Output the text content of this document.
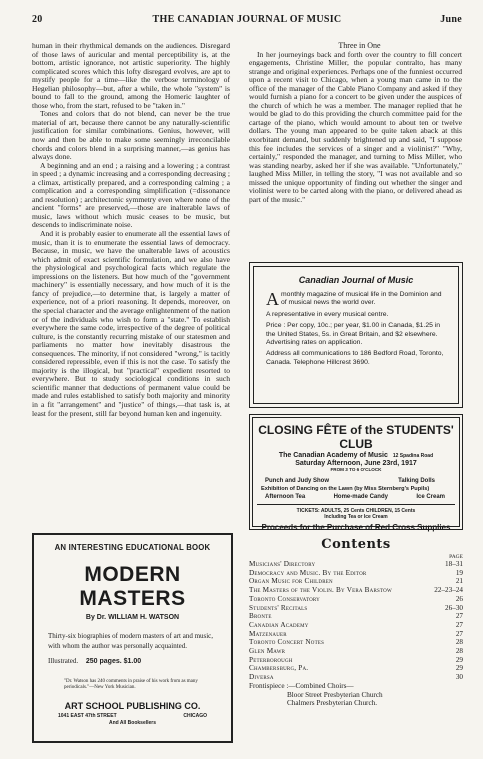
20	THE CANADIAN JOURNAL OF MUSIC	June

human in their rhythmical demands on the audiences. Disregard of those laws of auricular and mental perceptibility is, at the bottom, artistic ignorance, not artistic superiority. The highly complicated scores which this lofty disregard evolves, are apt to mystify people for a time—like the verbose terminology of Hegelian philosophy—but, after a while, the whole "system" is bound to fall to the ground, among the Homeric laughter of those who, from the start, refused to be "taken in."

Tones and colors that do not blend, can never be the true material of art, because there cannot be any naturally-scientific justification for similar combinations. Genius, however, will now and then be able to make some seemingly irreconcilable chords and colors blend in a surprising manner,—as genius has always done.

A beginning and an end ; a raising and a lowering ; a contrast in speed ; a dynamic increasing and a corresponding decreasing ; a climax, artistically prepared, and a corresponding calming ; a complication and a corresponding simplification (=dissonance and resolution) ; architectonic symmetry even where none of the ancient "forms" are preserved,—those are inalterable laws of music, laws without which music ceases to be music, but descends to indiscriminate noise.

And it is probably easier to enumerate all the essential laws of music, than it is to enumerate the essential laws of democracy. Because, in music, we have the unalterable laws of acoustics which admit of exact scientific formulation, and we also have the physiological and psychological facts which regulate the impressions on the listeners. But how much of the "government machinery" is essentially necessary, and how much of it is the fancy of prejudice,—to determine that, is largely a matter of experience, not of a priori reasoning. It depends, moreover, on the special character and the average enlightenment of the nation or of the individuals who wish to form a "state." To establish everywhere the same code, irrespective of the degree of political culture, is the constantly recurring mistake of our statesmen and parliaments no matter how inevitably disastrous the consequences. The minority, if not considered "wrong," is tacitly considered repressible, even if this is not the case. To satisfy the majority is the illogical, but "practical" expedient resorted to everywhere. But to study sociological conditions in such scientific manner that deductions of permanent value could be made and rules established to satisfy both majority and minority in a fit "arrangement" and "justice" of things,—that task is, at least for the present, still far beyond human ken and ingenuity.

Three in One

In her journeyings back and forth over the country to fill concert engagements, Christine Miller, the popular contralto, has many strange and original experiences. Perhaps one of the funniest occurred upon a recent visit to Chicago, when a young man came in to the office of the manager of the Cable Piano Company and asked if they would furnish a piano for a concert to be given under the auspices of the church of which he was a member. The manager replied that he would be glad to do this providing the church committee paid for the cartage of the piano, which would amount to about ten or twelve dollars. The young man appeared to be quite taken aback at this exorbitant demand, but suddenly brightened up and said, "I suppose this fee includes the services of a singer and a violinist?" "Why, certainly," responded the manager, and turning to Miss Miller, who was standing nearby, asked her if she was available. "Unfortunately," laughed Miss Miller, in telling the story, "I was not available and so missed the unique opportunity of finding out whether the singer and violinist were to be carted along with the piano, or delivered ahead as part of the music."

Canadian Journal of Music

Amonthly magazine of musical life in the Dominion and of musical news the world over.

A representative in every musical centre.

Price : Per copy, 10c.; per year, $1.00 in Canada, $1.25 in the United States, 5s. in Great Britain, and $2 elsewhere. Advertising rates on application.

Address all communications to 186 Bedford Road, Toronto, Canada. Telephone Hillcrest 3690.

CLOSING FÊTE of the STUDENTS' CLUB
The Canadian Academy of Music 12 Spadina Road
Saturday Afternoon, June 23rd, 1917
FROM 3 TO 6 O'CLOCK
Punch and Judy Show	Talking Dolls
Exhibition of Dancing on the Lawn (by Miss Sternberg's Pupils)
Afternoon Tea	Home-made Candy	Ice Cream
TICKETS: ADULTS, 25 Cents CHILDREN, 15 Cents
Including Tea or Ice Cream
Proceeds for the Purchase of Red Cross Supplies
AN INTERESTING EDUCATIONAL BOOK
MODERN MASTERS
By Dr. WILLIAM H. WATSON
Thirty-six biographies of modern masters of art and music, with whom the author was personally acquainted.
Illustrated. 250 pages. $1.00
"Dr. Watson has 240 comments in praise of his work from as many periodicals."—New York Musician.
ART SCHOOL PUBLISHING CO.
1041 EAST 47th STREET	CHICAGO
And All Booksellers
Contents
PAGE
Musicians' Directory	18–31
Democracy and Music. By the Editor	19
Organ Music for Children	21
The Masters of the Violin. By Vera Barstow	22–23–24
Toronto Conservatory	26
Students' Recitals	26–30
Bronte	27
Canadian Academy	27
Matzenauer	27
Toronto Concert Notes	28
Glen Mawr	28
Peterborough	29
Chambersburg, Pa.	29
Diversa	30
Frontispiece :—Combined Choirs—
Bloor Street Presbyterian Church
Chalmers Presbyterian Church.
